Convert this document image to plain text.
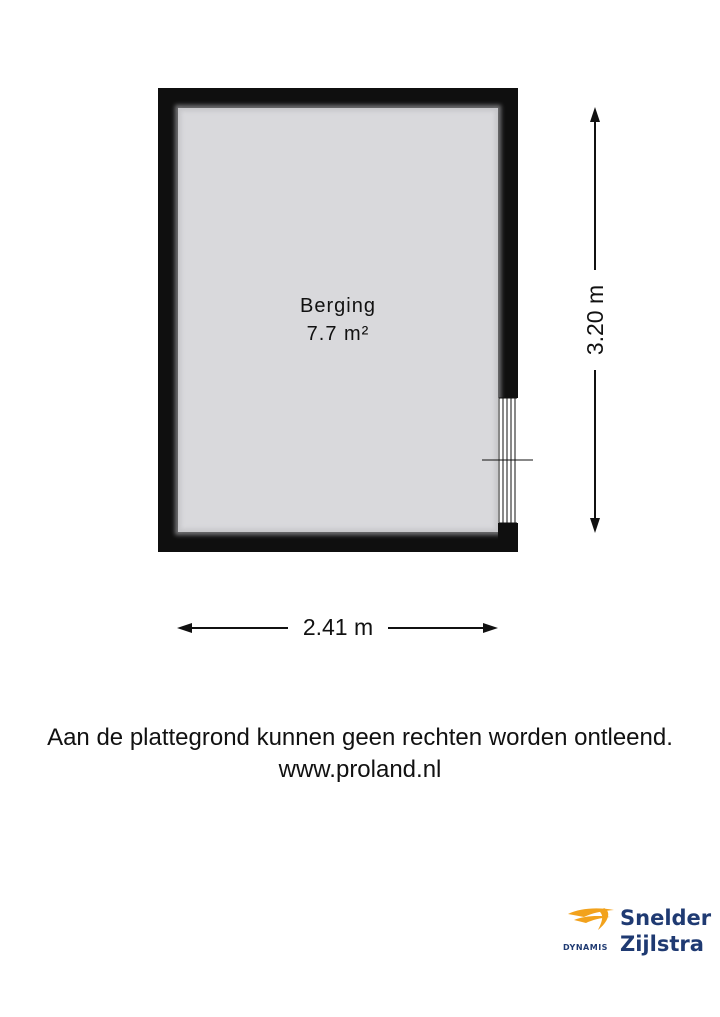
Berging
7.7 m²
2.41 m
3.20 m
Aan de plattegrond kunnen geen rechten worden ontleend.
www.proland.nl
DYNAMIS
Snelder
Zijlstra
